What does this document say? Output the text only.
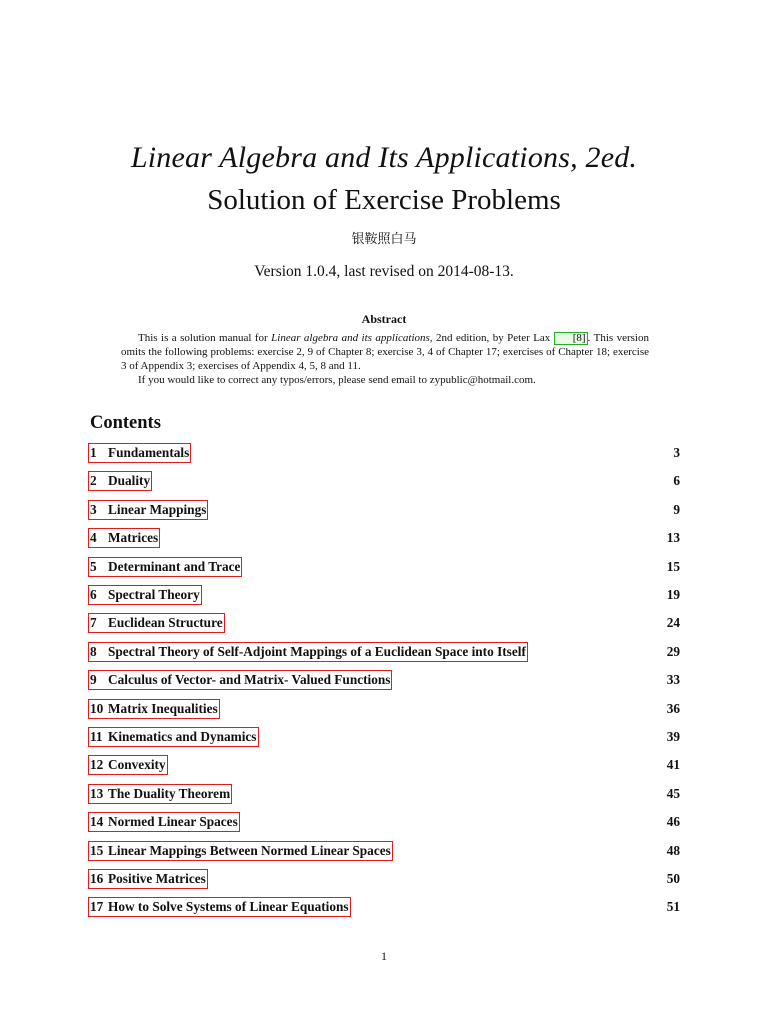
Linear Algebra and Its Applications, 2ed.
Solution of Exercise Problems
银鞍照白马
Version 1.0.4, last revised on 2014-08-13.
Abstract

This is a solution manual for Linear algebra and its applications, 2nd edition, by Peter Lax [8] . This version omits the following problems: exercise 2, 9 of Chapter 8; exercise 3, 4 of Chapter 17; exercises of Chapter 18; exercise 3 of Appendix 3; exercises of Appendix 4, 5, 8 and 11.

If you would like to correct any typos/errors, please send email to zypublic@hotmail.com.

Contents
1 Fundamentals	3
2 Duality	6
3 Linear Mappings	9
4 Matrices	13
5 Determinant and Trace	15
6 Spectral Theory	19
7 Euclidean Structure	24
8 Spectral Theory of Self-Adjoint Mappings of a Euclidean Space into Itself	29
9 Calculus of Vector- and Matrix- Valued Functions	33
10 Matrix Inequalities	36
11 Kinematics and Dynamics	39
12 Convexity	41
13 The Duality Theorem	45
14 Normed Linear Spaces	46
15 Linear Mappings Between Normed Linear Spaces	48
16 Positive Matrices	50
17 How to Solve Systems of Linear Equations	51
1
